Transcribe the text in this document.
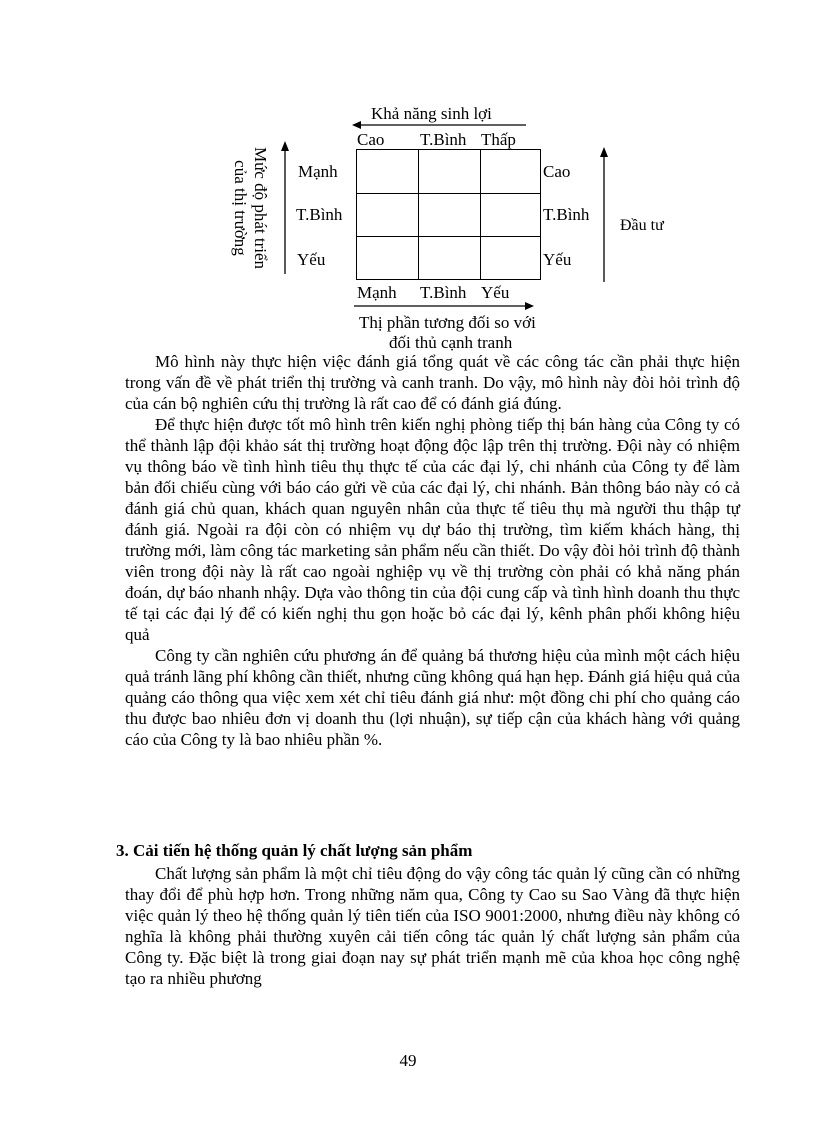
Khả năng sinh lợi
Cao T.Bình Thấp
Mức độ phát triển
của thị trường	Mạnh
T.Bình
Yếu
Cao
T.Bình
Yếu
Đầu tư
Mạnh T.Bình Yếu
Thị phần tương đối so với
đối thủ cạnh tranh

Mô hình này thực hiện việc đánh giá tổng quát về các công tác cần phải thực hiện trong vấn đề về phát triển thị trường và canh tranh. Do vậy, mô hình này đòi hỏi trình độ của cán bộ nghiên cứu thị trường là rất cao để có đánh giá đúng.

Để thực hiện được tốt mô hình trên kiến nghị phòng tiếp thị bán hàng của Công ty có thể thành lập đội khảo sát thị trường hoạt động độc lập trên thị trường. Đội này có nhiệm vụ thông báo về tình hình tiêu thụ thực tế của các đại lý, chi nhánh của Công ty để làm bản đối chiếu cùng với báo cáo gửi về của các đại lý, chi nhánh. Bản thông báo này có cả đánh giá chủ quan, khách quan nguyên nhân của thực tế tiêu thụ mà người thu thập tự đánh giá. Ngoài ra đội còn có nhiệm vụ dự báo thị trường, tìm kiếm khách hàng, thị trường mới, làm công tác marketing sản phẩm nếu cần thiết. Do vậy đòi hỏi trình độ thành viên trong đội này là rất cao ngoài nghiệp vụ về thị trường còn phải có khả năng phán đoán, dự báo nhanh nhậy. Dựa vào thông tin của đội cung cấp và tình hình doanh thu thực tế tại các đại lý để có kiến nghị thu gọn hoặc bỏ các đại lý, kênh phân phối không hiệu quả

Công ty cần nghiên cứu phương án để quảng bá thương hiệu của mình một cách hiệu quả tránh lãng phí không cần thiết, nhưng cũng không quá hạn hẹp. Đánh giá hiệu quả của quảng cáo thông qua việc xem xét chỉ tiêu đánh giá như: một đồng chi phí cho quảng cáo thu được bao nhiêu đơn vị doanh thu (lợi nhuận), sự tiếp cận của khách hàng với quảng cáo của Công ty là bao nhiêu phần %.

3. Cải tiến hệ thống quản lý chất lượng sản phẩm

Chất lượng sản phẩm là một chỉ tiêu động do vậy công tác quản lý cũng cần có những thay đổi để phù hợp hơn. Trong những năm qua, Công ty Cao su Sao Vàng đã thực hiện việc quản lý theo hệ thống quản lý tiên tiến của ISO 9001:2000, nhưng điều này không có nghĩa là không phải thường xuyên cải tiến công tác quản lý chất lượng sản phẩm của Công ty. Đặc biệt là trong giai đoạn nay sự phát triển mạnh mẽ của khoa học công nghệ tạo ra nhiều phương

49
